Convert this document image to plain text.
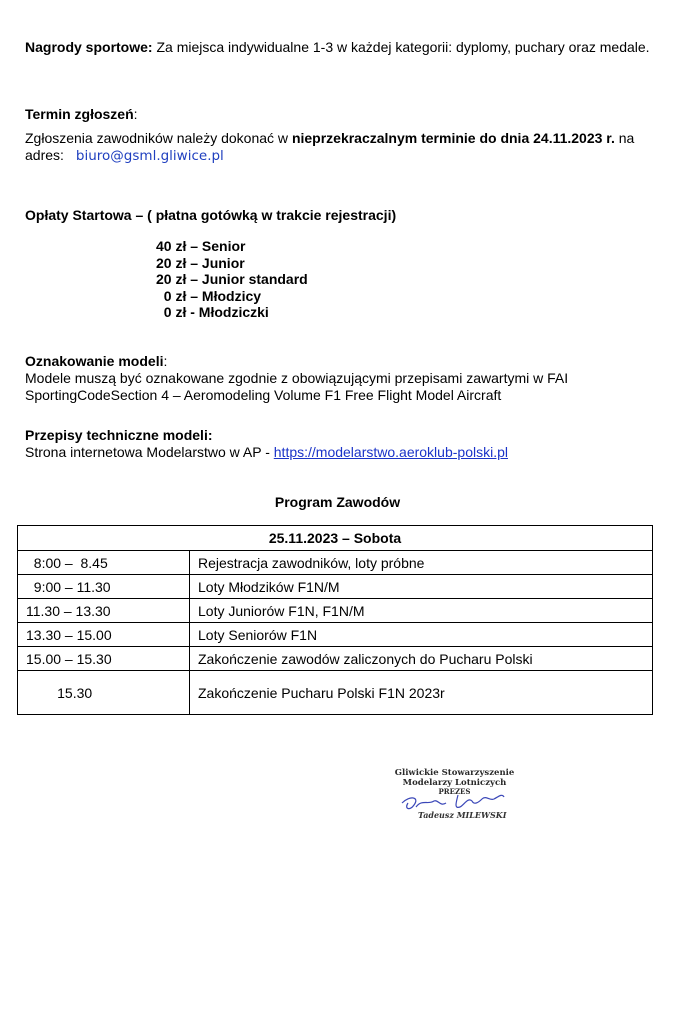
Nagrody sportowe: Za miejsca indywidualne 1-3 w każdej kategorii: dyplomy, puchary oraz medale.
Termin zgłoszeń:
Zgłoszenia zawodników należy dokonać w nieprzekraczalnym terminie do dnia 24.11.2023 r. na adres: biuro@gsml.gliwice.pl
Opłaty Startowa – ( płatna gotówką w trakcie rejestracji)
40 zł – Senior
20 zł – Junior
20 zł – Junior standard
0 zł – Młodzicy
0 zł - Młodziczki
Oznakowanie modeli:
Modele muszą być oznakowane zgodnie z obowiązującymi przepisami zawartymi w FAI SportingCodeSection 4 – Aeromodeling Volume F1 Free Flight Model Aircraft
Przepisy techniczne modeli:
Strona internetowa Modelarstwo w AP - https://modelarstwo.aeroklub-polski.pl
Program Zawodów
25.11.2023 – Sobota	
8:00 –  8.45	Rejestracja zawodników, loty próbne
9:00 – 11.30	Loty Młodzików F1N/M
11.30 – 13.30	Loty Juniorów F1N, F1N/M
13.30 – 15.00	Loty Seniorów F1N
15.00 – 15.30	Zakończenie zawodów zaliczonych do Pucharu Polski
15.30	Zakończenie Pucharu Polski F1N 2023r
Gliwickie Stowarzyszenie
Modelarzy Lotniczych
PREZES
Tadeusz MILEWSKI
